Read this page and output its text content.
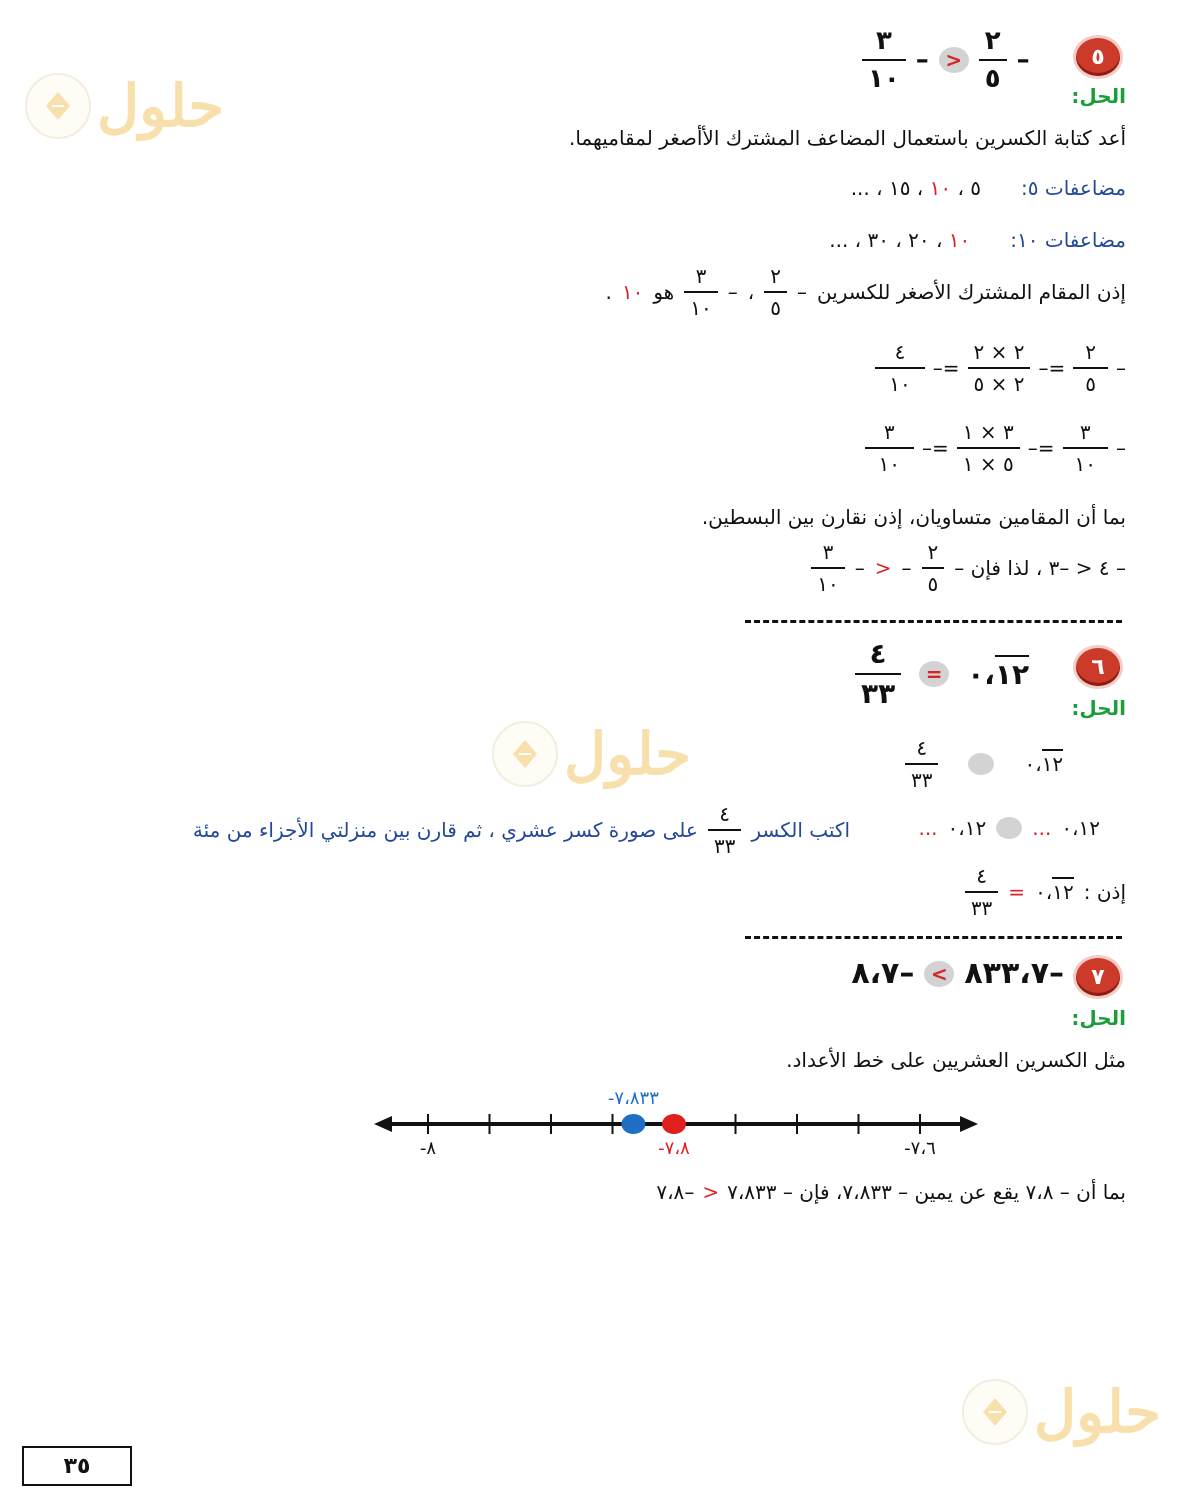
حلول
حلول
حلول
٥
$\frac{٣}{١٠}$ – > $\frac{٢}{٥}$ –
الحل:
أعد كتابة الكسرين باستعمال المضاعف المشترك الأأصغر لمقاميهما.
مضاعفات ٥:
٥ ، ١٠ ، ١٥ ، ...
مضاعفات ١٠:
١٠ ، ٢٠ ، ٣٠ ، ...
إذن المقام المشترك الأصغر للكسرين
–
$\frac{٢}{٥}$
،
–
$\frac{٣}{١٠}$
هو
١٠
.
$\frac{٤}{١٠} -= \frac{٢ \times ٢}{٢ \times ٥} -= \frac{٢}{٥}$ –
$\frac{٣}{١٠} -= \frac{٣ \times ١}{٥ \times ١} -= \frac{٣}{١٠}$ –
بما أن المقامين متساويان، إذن نقارن بين البسطين.
– ٤ < –٣ ، لذا فإن –
$\frac{٢}{٥}$
–
<
–
$\frac{٣}{١٠}$
٦
$\frac{٤}{٣٣}$	= ٠،١٢
الحل:
$\frac{٤}{٣٣}$	٠،١٢
٠،١٢
...
٠،١٢
...
اكتب الكسر
$\frac{٤}{٣٣}$
على صورة كسر عشري ، ثم قارن بين منزلتي الأجزاء من مئة
إذن :
٠،١٢
=
$\frac{٤}{٣٣}$
٧
–٨٣٣،٧
>
–٨،٧
الحل:
مثل الكسرين العشريين على خط الأعداد.
-٧،٨٣٣
-٧،٨
-٨	-٧،٦
بما أن – ٧،٨ يقع عن يمين – ٧،٨٣٣، فإن – ٧،٨٣٣
<
–٧،٨
٣٥
